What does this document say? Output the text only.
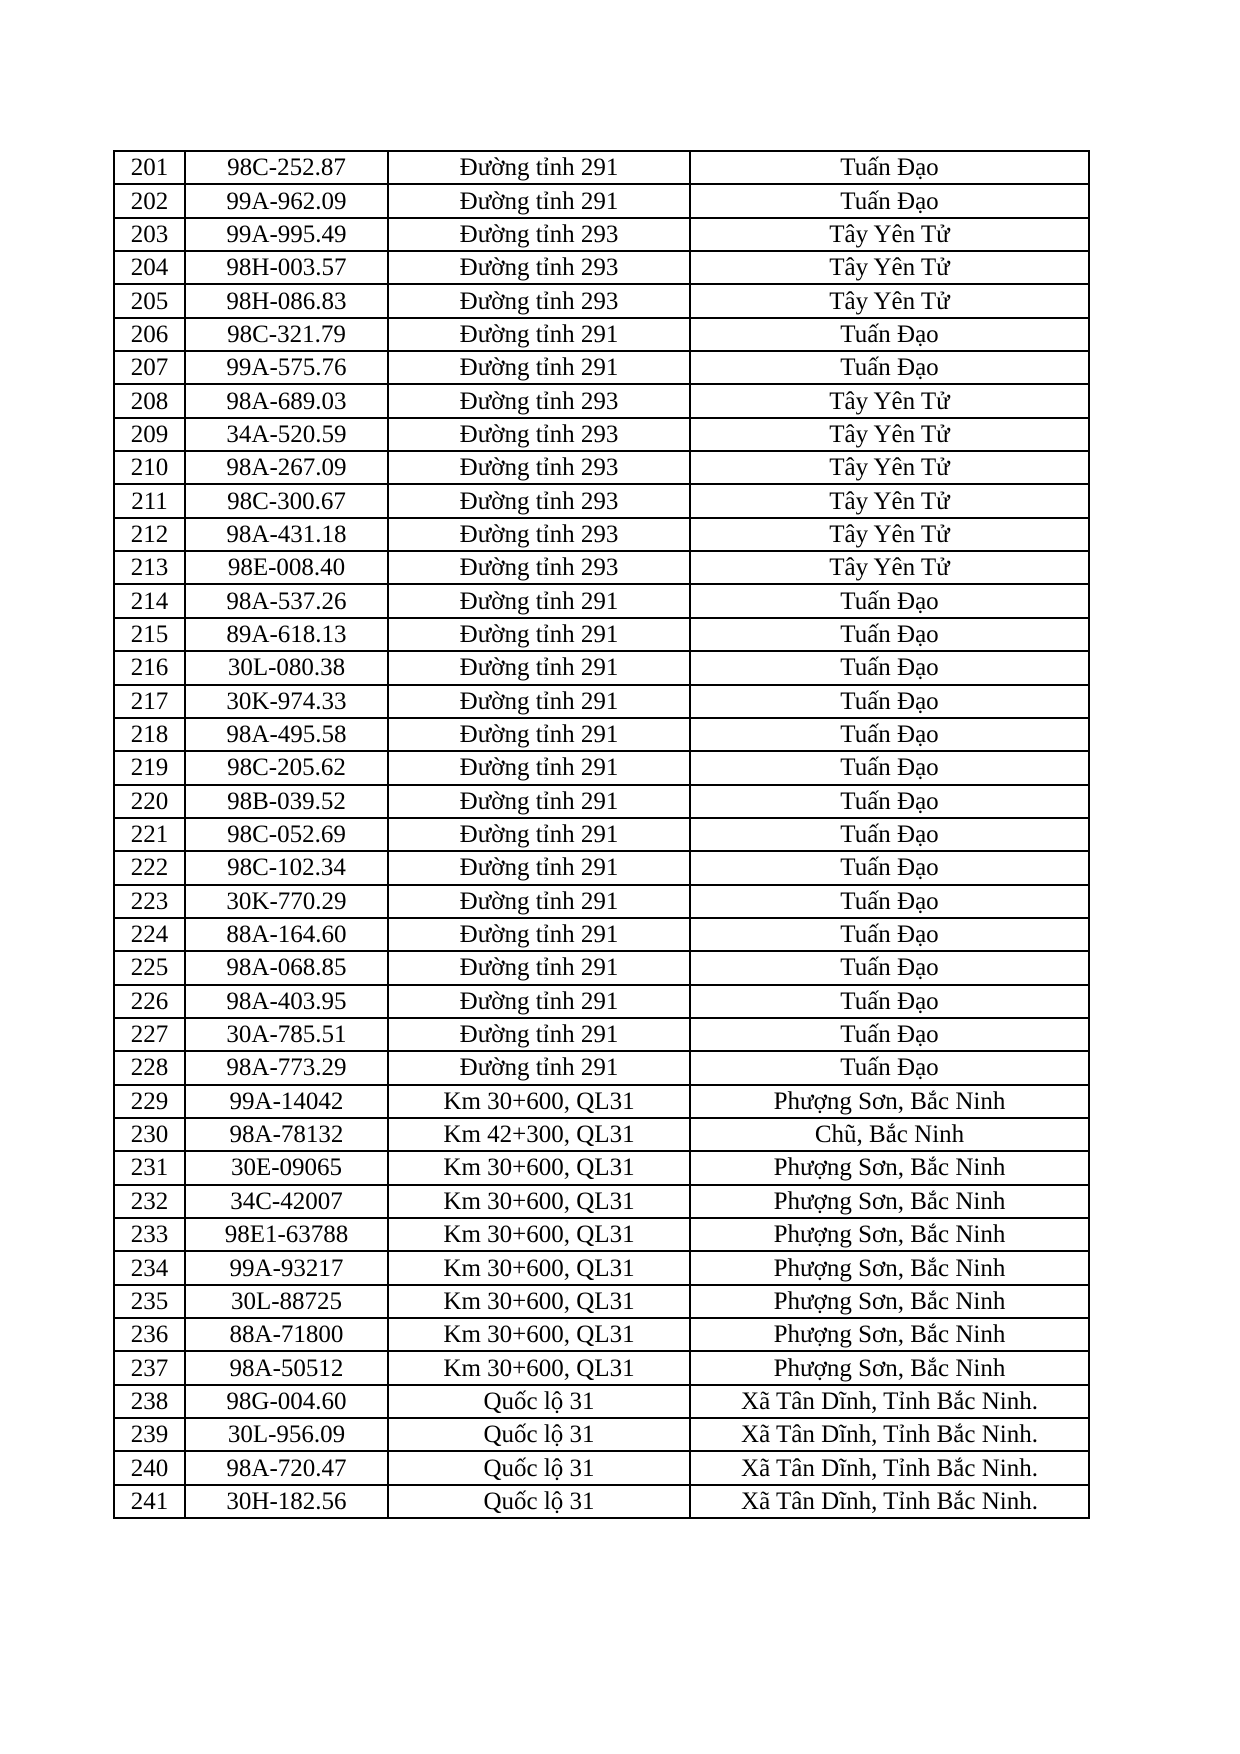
201	98C-252.87	Đường tỉnh 291	Tuấn Đạo
202	99A-962.09	Đường tỉnh 291	Tuấn Đạo
203	99A-995.49	Đường tỉnh 293	Tây Yên Tử
204	98H-003.57	Đường tỉnh 293	Tây Yên Tử
205	98H-086.83	Đường tỉnh 293	Tây Yên Tử
206	98C-321.79	Đường tỉnh 291	Tuấn Đạo
207	99A-575.76	Đường tỉnh 291	Tuấn Đạo
208	98A-689.03	Đường tỉnh 293	Tây Yên Tử
209	34A-520.59	Đường tỉnh 293	Tây Yên Tử
210	98A-267.09	Đường tỉnh 293	Tây Yên Tử
211	98C-300.67	Đường tỉnh 293	Tây Yên Tử
212	98A-431.18	Đường tỉnh 293	Tây Yên Tử
213	98E-008.40	Đường tỉnh 293	Tây Yên Tử
214	98A-537.26	Đường tỉnh 291	Tuấn Đạo
215	89A-618.13	Đường tỉnh 291	Tuấn Đạo
216	30L-080.38	Đường tỉnh 291	Tuấn Đạo
217	30K-974.33	Đường tỉnh 291	Tuấn Đạo
218	98A-495.58	Đường tỉnh 291	Tuấn Đạo
219	98C-205.62	Đường tỉnh 291	Tuấn Đạo
220	98B-039.52	Đường tỉnh 291	Tuấn Đạo
221	98C-052.69	Đường tỉnh 291	Tuấn Đạo
222	98C-102.34	Đường tỉnh 291	Tuấn Đạo
223	30K-770.29	Đường tỉnh 291	Tuấn Đạo
224	88A-164.60	Đường tỉnh 291	Tuấn Đạo
225	98A-068.85	Đường tỉnh 291	Tuấn Đạo
226	98A-403.95	Đường tỉnh 291	Tuấn Đạo
227	30A-785.51	Đường tỉnh 291	Tuấn Đạo
228	98A-773.29	Đường tỉnh 291	Tuấn Đạo
229	99A-14042	Km 30+600, QL31	Phượng Sơn, Bắc Ninh
230	98A-78132	Km 42+300, QL31	Chũ, Bắc Ninh
231	30E-09065	Km 30+600, QL31	Phượng Sơn, Bắc Ninh
232	34C-42007	Km 30+600, QL31	Phượng Sơn, Bắc Ninh
233	98E1-63788	Km 30+600, QL31	Phượng Sơn, Bắc Ninh
234	99A-93217	Km 30+600, QL31	Phượng Sơn, Bắc Ninh
235	30L-88725	Km 30+600, QL31	Phượng Sơn, Bắc Ninh
236	88A-71800	Km 30+600, QL31	Phượng Sơn, Bắc Ninh
237	98A-50512	Km 30+600, QL31	Phượng Sơn, Bắc Ninh
238	98G-004.60	Quốc lộ 31	Xã Tân Dĩnh, Tỉnh Bắc Ninh.
239	30L-956.09	Quốc lộ 31	Xã Tân Dĩnh, Tỉnh Bắc Ninh.
240	98A-720.47	Quốc lộ 31	Xã Tân Dĩnh, Tỉnh Bắc Ninh.
241	30H-182.56	Quốc lộ 31	Xã Tân Dĩnh, Tỉnh Bắc Ninh.
